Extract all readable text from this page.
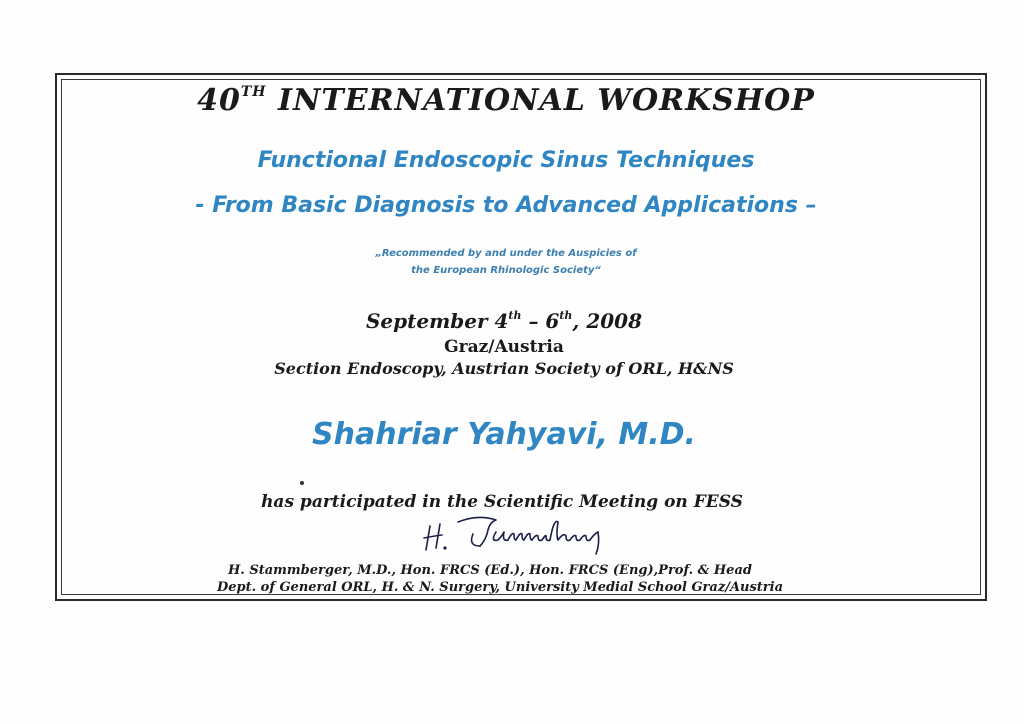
40TH INTERNATIONAL WORKSHOP
Functional Endoscopic Sinus Techniques
- From Basic Diagnosis to Advanced Applications –
„Recommended by and under the Auspicies of
the European Rhinologic Society“
September 4th – 6th, 2008
Graz/Austria
Section Endoscopy, Austrian Society of ORL, H&NS
Shahriar Yahyavi, M.D.
has participated in the Scientific Meeting on FESS
H. Stammberger, M.D., Hon. FRCS (Ed.), Hon. FRCS (Eng),Prof. & Head
Dept. of General ORL, H. & N. Surgery, University Medial School Graz/Austria
